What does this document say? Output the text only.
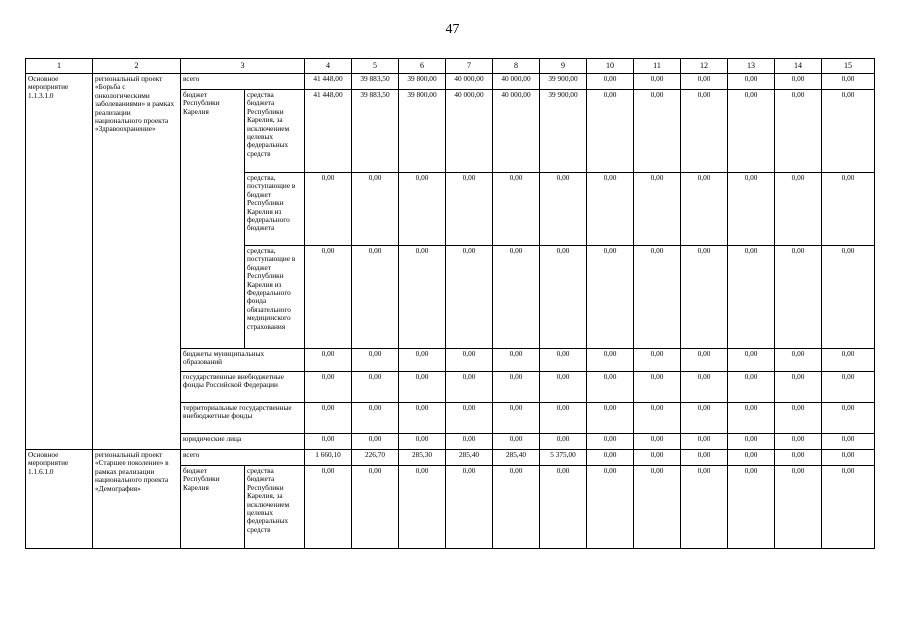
47
1	2	3		4	5	6	7	8	9	10	11	12	13	14	15
Основное мероприятие 1.1.3.1.0	региональный проект «Борьба с онкологическими заболеваниями» в рамках реализации национального проекта «Здравоохранение»	всего		41 448,00	39 883,50	39 800,00	40 000,00	40 000,00	39 900,00	0,00	0,00	0,00	0,00	0,00	0,00
		бюджет Республики Карелия	средства бюджета Республики Карелия, за исключением целевых федеральных средств	41 448,00	39 883,50	39 800,00	40 000,00	40 000,00	39 900,00	0,00	0,00	0,00	0,00	0,00	0,00
			средства, поступающие в бюджет Республики Карелия из федерального бюджета	0,00	0,00	0,00	0,00	0,00	0,00	0,00	0,00	0,00	0,00	0,00	0,00
			средства, поступающие в бюджет Республики Карелия из Федерального фонда обязательного медицинского страхования	0,00	0,00	0,00	0,00	0,00	0,00	0,00	0,00	0,00	0,00	0,00	0,00
		бюджеты муниципальных образований		0,00	0,00	0,00	0,00	0,00	0,00	0,00	0,00	0,00	0,00	0,00	0,00
		государственные внебюджетные фонды Российской Федерации		0,00	0,00	0,00	0,00	0,00	0,00	0,00	0,00	0,00	0,00	0,00	0,00
		территориальные государственные внебюджетные фонды		0,00	0,00	0,00	0,00	0,00	0,00	0,00	0,00	0,00	0,00	0,00	0,00
		юридические лица		0,00	0,00	0,00	0,00	0,00	0,00	0,00	0,00	0,00	0,00	0,00	0,00
Основное мероприятие 1.1.6.1.0	региональный проект «Старшее поколение» в рамках реализации национального проекта «Демография»	всего		1 660,10	226,70	285,30	285,40	285,40	5 375,00	0,00	0,00	0,00	0,00	0,00	0,00
		бюджет Республики Карелия	средства бюджета Республики Карелия, за исключением целевых федеральных средств	0,00	0,00	0,00	0,00	0,00	0,00	0,00	0,00	0,00	0,00	0,00	0,00
